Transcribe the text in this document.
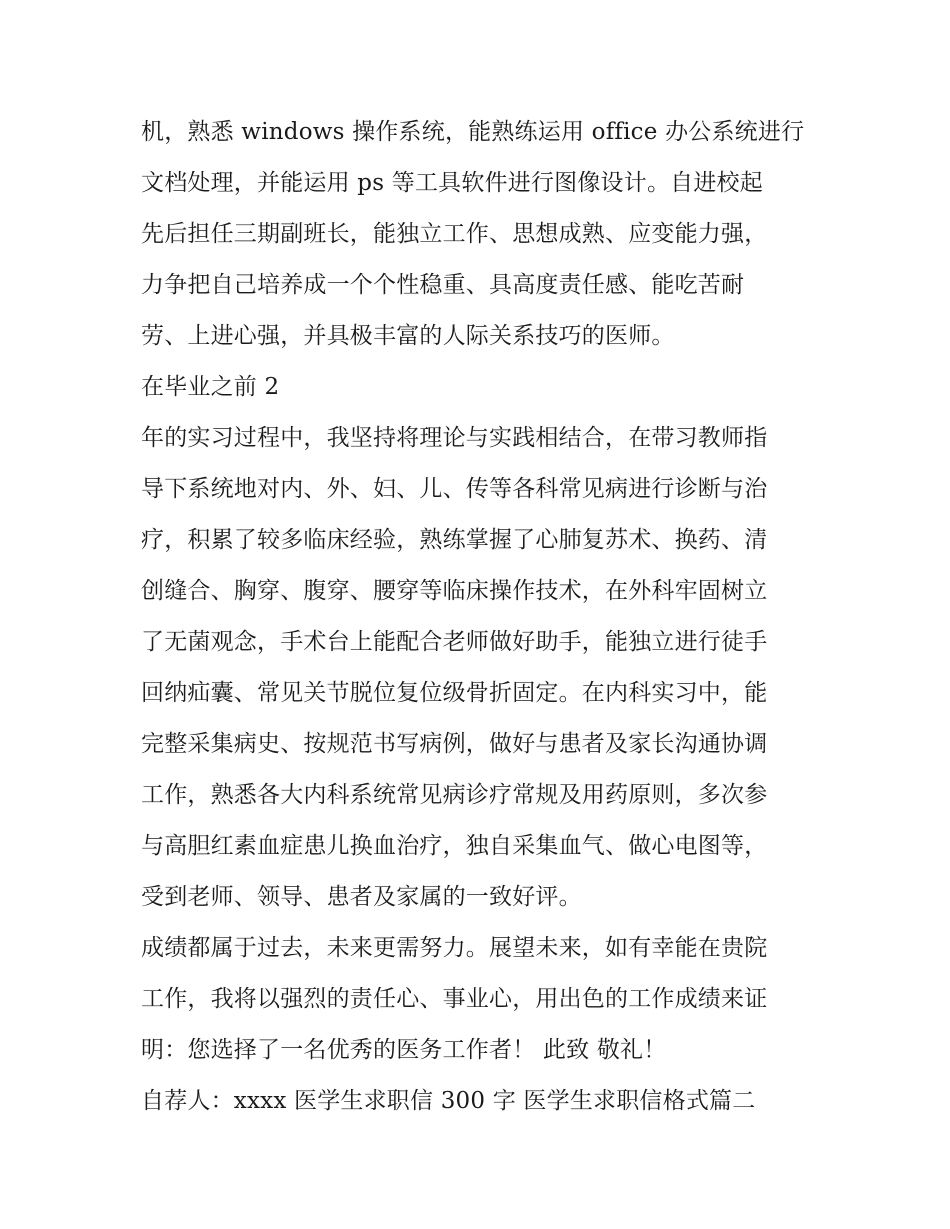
机，熟悉 windows 操作系统，能熟练运用 office 办公系统进行
文档处理，并能运用 ps 等工具软件进行图像设计。自进校起
先后担任三期副班长，能独立工作、思想成熟、应变能力强，
力争把自己培养成一个个性稳重、具高度责任感、能吃苦耐
劳、上进心强，并具极丰富的人际关系技巧的医师。
在毕业之前 2
年的实习过程中，我坚持将理论与实践相结合，在带习教师指
导下系统地对内、外、妇、儿、传等各科常见病进行诊断与治
疗，积累了较多临床经验，熟练掌握了心肺复苏术、换药、清
创缝合、胸穿、腹穿、腰穿等临床操作技术，在外科牢固树立
了无菌观念，手术台上能配合老师做好助手，能独立进行徒手
回纳疝囊、常见关节脱位复位级骨折固定。在内科实习中，能
完整采集病史、按规范书写病例，做好与患者及家长沟通协调
工作，熟悉各大内科系统常见病诊疗常规及用药原则，多次参
与高胆红素血症患儿换血治疗，独自采集血气、做心电图等，
受到老师、领导、患者及家属的一致好评。
成绩都属于过去，未来更需努力。展望未来，如有幸能在贵院
工作，我将以强烈的责任心、事业心，用出色的工作成绩来证
明：您选择了一名优秀的医务工作者！ 此致 敬礼！
自荐人：xxxx 医学生求职信 300 字 医学生求职信格式篇二
